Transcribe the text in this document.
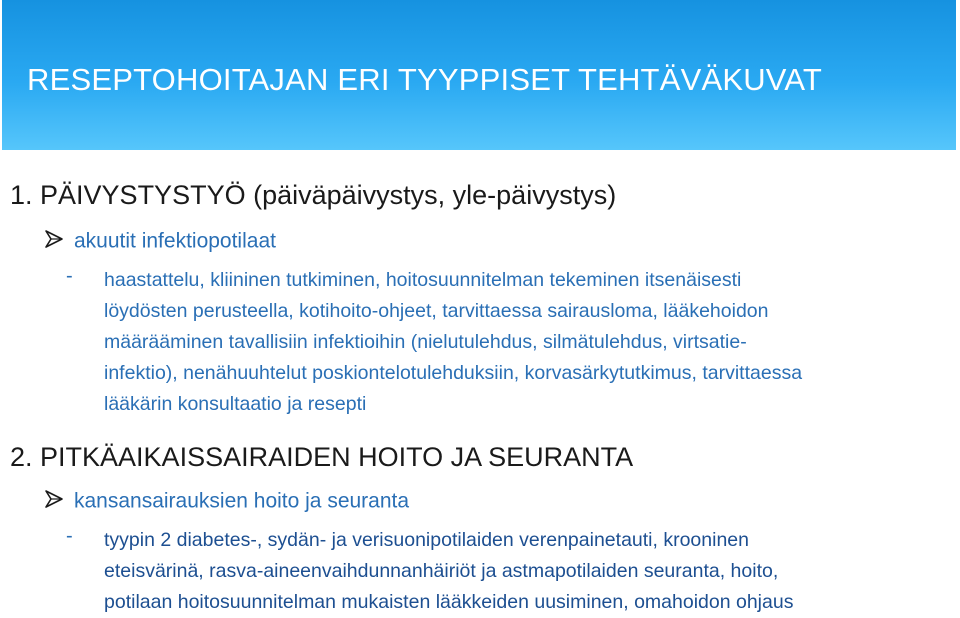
RESEPTOHOITAJAN ERI TYYPPISET TEHTÄVÄKUVAT
1. PÄIVYSTYSTYÖ (päiväpäivystys, yle-päivystys)
akuutit infektiopotilaat
- haastattelu, kliininen tutkiminen, hoitosuunnitelman tekeminen itsenäisesti
löydösten perusteella, kotihoito-ohjeet, tarvittaessa sairausloma, lääkehoidon
määrääminen tavallisiin infektioihin (nielutulehdus, silmätulehdus, virtsatie-
infektio), nenähuuhtelut poskiontelotulehduksiin, korvasärkytutkimus, tarvittaessa
lääkärin konsultaatio ja resepti
2. PITKÄAIKAISSAIRAIDEN HOITO JA SEURANTA
kansansairauksien hoito ja seuranta
- tyypin 2 diabetes-, sydän- ja verisuonipotilaiden verenpainetauti, krooninen
eteisvärinä, rasva-aineenvaihdunnanhäiriöt ja astmapotilaiden seuranta, hoito,
potilaan hoitosuunnitelman mukaisten lääkkeiden uusiminen, omahoidon ohjaus
